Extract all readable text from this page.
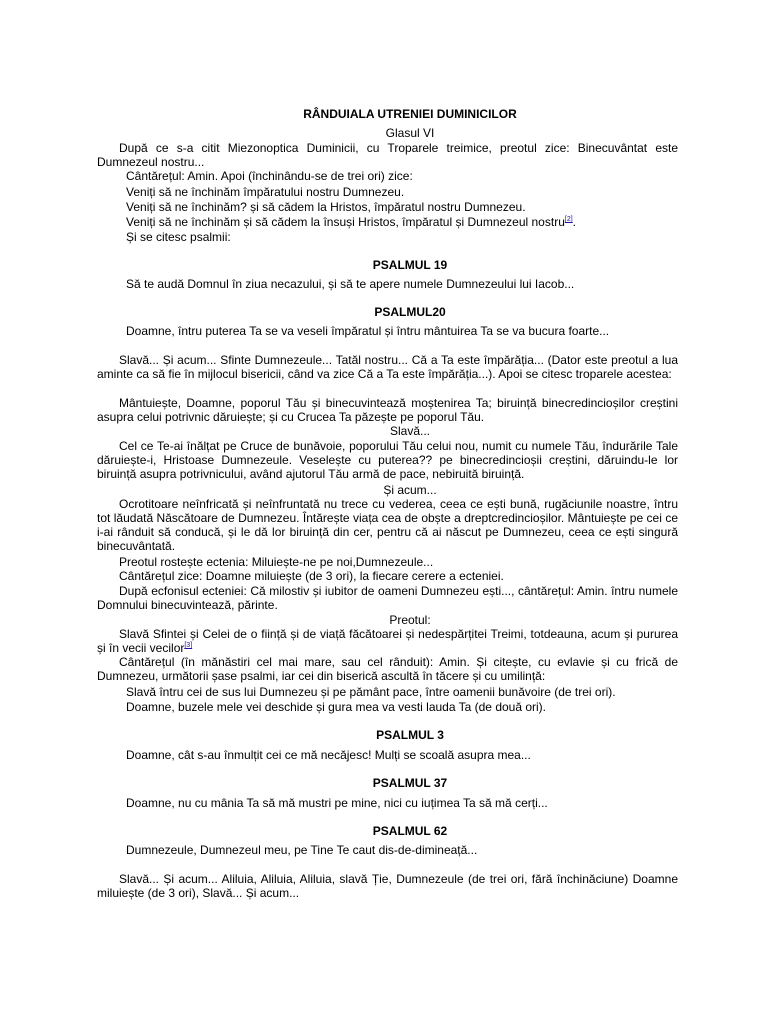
RÂNDUIALA UTRENIEI DUMINICILOR
Glasul VI
După ce s-a citit Miezonoptica Duminicii, cu Troparele treimice, preotul zice: Binecuvântat este Dumnezeul nostru...
Cântărețul: Amin. Apoi (închinându-se de trei ori) zice:
Veniți să ne închinăm împăratului nostru Dumnezeu.
Veniți să ne închinăm? și să cădem la Hristos, împăratul nostru Dumnezeu.
Veniți să ne închinăm și să cădem la însuși Hristos, împăratul și Dumnezeul nostru[2].
Și se citesc psalmii:
PSALMUL 19
Să te audă Domnul în ziua necazului, și să te apere numele Dumnezeului lui Iacob...
PSALMUL20
Doamne, întru puterea Ta se va veseli împăratul și întru mântuirea Ta se va bucura foarte...
Slavă... Și acum... Sfinte Dumnezeule... Tatăl nostru... Că a Ta este împărăția... (Dator este preotul a lua aminte ca să fie în mijlocul bisericii, când va zice Că a Ta este împărăția...). Apoi se citesc troparele acestea:
Mântuiește, Doamne, poporul Tău și binecuvintează moștenirea Ta; biruință binecredincioșilor creștini asupra celui potrivnic dăruiește; și cu Crucea Ta păzește pe poporul Tău.
Slavă...
Cel ce Te-ai înălțat pe Cruce de bunăvoie, poporului Tău celui nou, numit cu numele Tău, îndurările Tale dăruiește-i, Hristoase Dumnezeule. Veselește cu puterea?? pe binecredincioșii creștini, dăruindu-le lor biruință asupra potrivnicului, având ajutorul Tău armă de pace, nebiruită biruință.
Și acum...
Ocrotitoare neînfricată și neînfruntată nu trece cu vederea, ceea ce ești bună, rugăciunile noastre, întru tot lăudată Născătoare de Dumnezeu. Întărește viața cea de obște a dreptcredincioșilor. Mântuiește pe cei ce i-ai rânduit să conducă, și le dă lor biruință din cer, pentru că ai născut pe Dumnezeu, ceea ce ești singură binecuvântată.
Preotul rostește ectenia: Miluiește-ne pe noi,Dumnezeule...
Cântărețul zice: Doamne miluiește (de 3 ori), la fiecare cerere a ecteniei.
După ecfonisul ecteniei: Că milostiv și iubitor de oameni Dumnezeu ești..., cântărețul: Amin. întru numele Domnului binecuvintează, părinte.
Preotul:
Slavă Sfintei și Celei de o ființă și de viață făcătoarei și nedespărțitei Treimi, totdeauna, acum și pururea și în vecii vecilor[3]
Cântărețul (în mănăstiri cel mai mare, sau cel rânduit): Amin. Și citește, cu evlavie și cu frică de Dumnezeu, următorii șase psalmi, iar cei din biserică ascultă în tăcere și cu umilință:
Slavă întru cei de sus lui Dumnezeu și pe pământ pace, între oamenii bunăvoire (de trei ori).
Doamne, buzele mele vei deschide și gura mea va vesti lauda Ta (de două ori).
PSALMUL 3
Doamne, cât s-au înmulțit cei ce mă necăjesc! Mulți se scoală asupra mea...
PSALMUL 37
Doamne, nu cu mânia Ta să mă mustri pe mine, nici cu iuțimea Ta să mă cerți...
PSALMUL 62
Dumnezeule, Dumnezeul meu, pe Tine Te caut dis-de-dimineață...
Slavă... Și acum... Aliluia, Aliluia, Aliluia, slavă Ție, Dumnezeule (de trei ori, fără închinăciune) Doamne miluiește (de 3 ori), Slavă... Și acum...
